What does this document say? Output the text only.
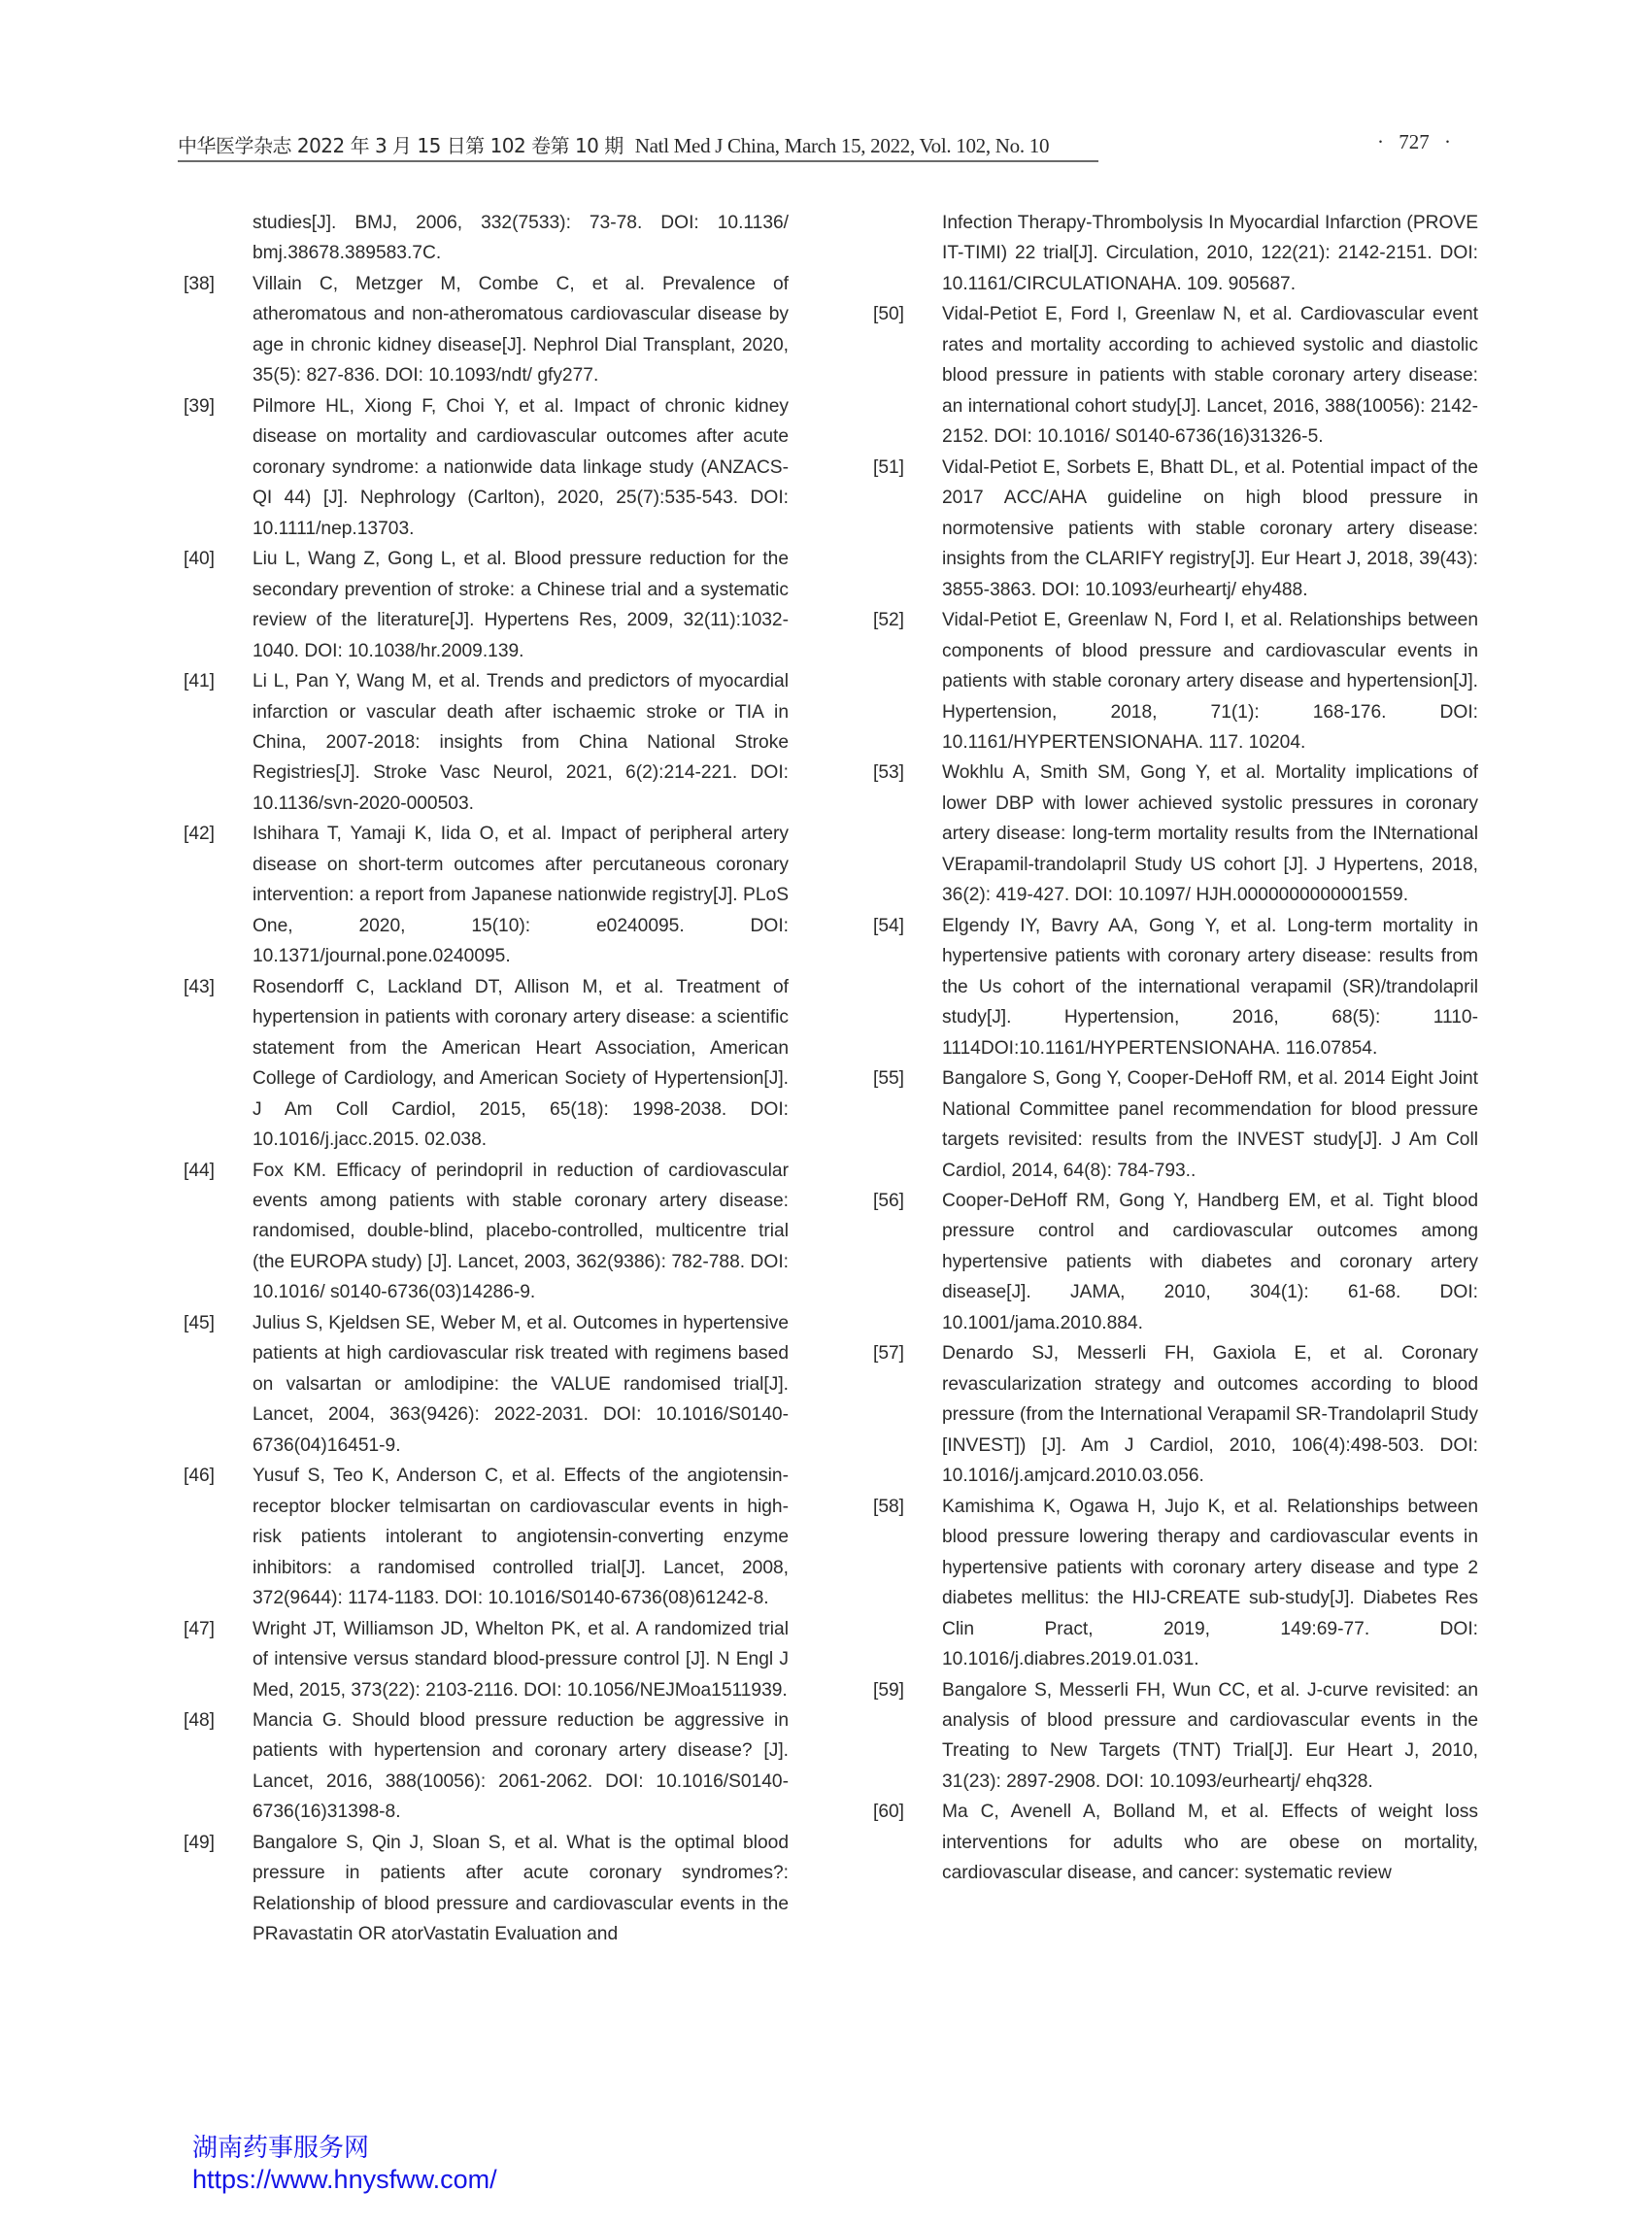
中华医学杂志 2022 年 3 月 15 日第 102 卷第 10 期 Natl Med J China, March 15, 2022, Vol. 102, No. 10	· 727 ·
studies[J]. BMJ, 2006, 332(7533): 73-78. DOI: 10.1136/ bmj.38678.389583.7C.
[38] Villain C, Metzger M, Combe C, et al. Prevalence of atheromatous and non-atheromatous cardiovascular disease by age in chronic kidney disease[J]. Nephrol Dial Transplant, 2020, 35(5): 827-836. DOI: 10.1093/ndt/ gfy277.
[39] Pilmore HL, Xiong F, Choi Y, et al. Impact of chronic kidney disease on mortality and cardiovascular outcomes after acute coronary syndrome: a nationwide data linkage study (ANZACS-QI 44) [J]. Nephrology (Carlton), 2020, 25(7):535-543. DOI: 10.1111/nep.13703.
[40] Liu L, Wang Z, Gong L, et al. Blood pressure reduction for the secondary prevention of stroke: a Chinese trial and a systematic review of the literature[J]. Hypertens Res, 2009, 32(11):1032-1040. DOI: 10.1038/hr.2009.139.
[41] Li L, Pan Y, Wang M, et al. Trends and predictors of myocardial infarction or vascular death after ischaemic stroke or TIA in China, 2007-2018: insights from China National Stroke Registries[J]. Stroke Vasc Neurol, 2021, 6(2):214-221. DOI: 10.1136/svn-2020-000503.
[42] Ishihara T, Yamaji K, Iida O, et al. Impact of peripheral artery disease on short-term outcomes after percutaneous coronary intervention: a report from Japanese nationwide registry[J]. PLoS One, 2020, 15(10): e0240095. DOI: 10.1371/journal.pone.0240095.
[43] Rosendorff C, Lackland DT, Allison M, et al. Treatment of hypertension in patients with coronary artery disease: a scientific statement from the American Heart Association, American College of Cardiology, and American Society of Hypertension[J]. J Am Coll Cardiol, 2015, 65(18): 1998-2038. DOI: 10.1016/j.jacc.2015. 02.038.
[44] Fox KM. Efficacy of perindopril in reduction of cardiovascular events among patients with stable coronary artery disease: randomised, double-blind, placebo-controlled, multicentre trial (the EUROPA study) [J]. Lancet, 2003, 362(9386): 782-788. DOI: 10.1016/ s0140-6736(03)14286-9.
[45] Julius S, Kjeldsen SE, Weber M, et al. Outcomes in hypertensive patients at high cardiovascular risk treated with regimens based on valsartan or amlodipine: the VALUE randomised trial[J]. Lancet, 2004, 363(9426): 2022-2031. DOI: 10.1016/S0140-6736(04)16451-9.
[46] Yusuf S, Teo K, Anderson C, et al. Effects of the angiotensin-receptor blocker telmisartan on cardiovascular events in high-risk patients intolerant to angiotensin-converting enzyme inhibitors: a randomised controlled trial[J]. Lancet, 2008, 372(9644): 1174-1183. DOI: 10.1016/S0140-6736(08)61242-8.
[47] Wright JT, Williamson JD, Whelton PK, et al. A randomized trial of intensive versus standard blood-pressure control [J]. N Engl J Med, 2015, 373(22): 2103-2116. DOI: 10.1056/NEJMoa1511939.
[48] Mancia G. Should blood pressure reduction be aggressive in patients with hypertension and coronary artery disease? [J]. Lancet, 2016, 388(10056): 2061-2062. DOI: 10.1016/S0140-6736(16)31398-8.
[49] Bangalore S, Qin J, Sloan S, et al. What is the optimal blood pressure in patients after acute coronary syndromes?: Relationship of blood pressure and cardiovascular events in the PRavastatin OR atorVastatin Evaluation and
Infection Therapy-Thrombolysis In Myocardial Infarction (PROVE IT-TIMI) 22 trial[J]. Circulation, 2010, 122(21): 2142-2151. DOI: 10.1161/CIRCULATIONAHA. 109. 905687.
[50] Vidal-Petiot E, Ford I, Greenlaw N, et al. Cardiovascular event rates and mortality according to achieved systolic and diastolic blood pressure in patients with stable coronary artery disease: an international cohort study[J]. Lancet, 2016, 388(10056): 2142-2152. DOI: 10.1016/ S0140-6736(16)31326-5.
[51] Vidal-Petiot E, Sorbets E, Bhatt DL, et al. Potential impact of the 2017 ACC/AHA guideline on high blood pressure in normotensive patients with stable coronary artery disease: insights from the CLARIFY registry[J]. Eur Heart J, 2018, 39(43): 3855-3863. DOI: 10.1093/eurheartj/ ehy488.
[52] Vidal-Petiot E, Greenlaw N, Ford I, et al. Relationships between components of blood pressure and cardiovascular events in patients with stable coronary artery disease and hypertension[J]. Hypertension, 2018, 71(1): 168-176. DOI: 10.1161/HYPERTENSIONAHA. 117. 10204.
[53] Wokhlu A, Smith SM, Gong Y, et al. Mortality implications of lower DBP with lower achieved systolic pressures in coronary artery disease: long-term mortality results from the INternational VErapamil-trandolapril Study US cohort [J]. J Hypertens, 2018, 36(2): 419-427. DOI: 10.1097/ HJH.0000000000001559.
[54] Elgendy IY, Bavry AA, Gong Y, et al. Long-term mortality in hypertensive patients with coronary artery disease: results from the Us cohort of the international verapamil (SR)/trandolapril study[J]. Hypertension, 2016, 68(5): 1110-1114DOI:10.1161/HYPERTENSIONAHA. 116.07854.
[55] Bangalore S, Gong Y, Cooper-DeHoff RM, et al. 2014 Eight Joint National Committee panel recommendation for blood pressure targets revisited: results from the INVEST study[J]. J Am Coll Cardiol, 2014, 64(8): 784-793..
[56] Cooper-DeHoff RM, Gong Y, Handberg EM, et al. Tight blood pressure control and cardiovascular outcomes among hypertensive patients with diabetes and coronary artery disease[J]. JAMA, 2010, 304(1): 61-68. DOI: 10.1001/jama.2010.884.
[57] Denardo SJ, Messerli FH, Gaxiola E, et al. Coronary revascularization strategy and outcomes according to blood pressure (from the International Verapamil SR-Trandolapril Study [INVEST]) [J]. Am J Cardiol, 2010, 106(4):498-503. DOI: 10.1016/j.amjcard.2010.03.056.
[58] Kamishima K, Ogawa H, Jujo K, et al. Relationships between blood pressure lowering therapy and cardiovascular events in hypertensive patients with coronary artery disease and type 2 diabetes mellitus: the HIJ-CREATE sub-study[J]. Diabetes Res Clin Pract, 2019, 149:69-77. DOI: 10.1016/j.diabres.2019.01.031.
[59] Bangalore S, Messerli FH, Wun CC, et al. J-curve revisited: an analysis of blood pressure and cardiovascular events in the Treating to New Targets (TNT) Trial[J]. Eur Heart J, 2010, 31(23): 2897-2908. DOI: 10.1093/eurheartj/ ehq328.
[60] Ma C, Avenell A, Bolland M, et al. Effects of weight loss interventions for adults who are obese on mortality, cardiovascular disease, and cancer: systematic review
湖南药事服务网
https://www.hnysfww.com/
